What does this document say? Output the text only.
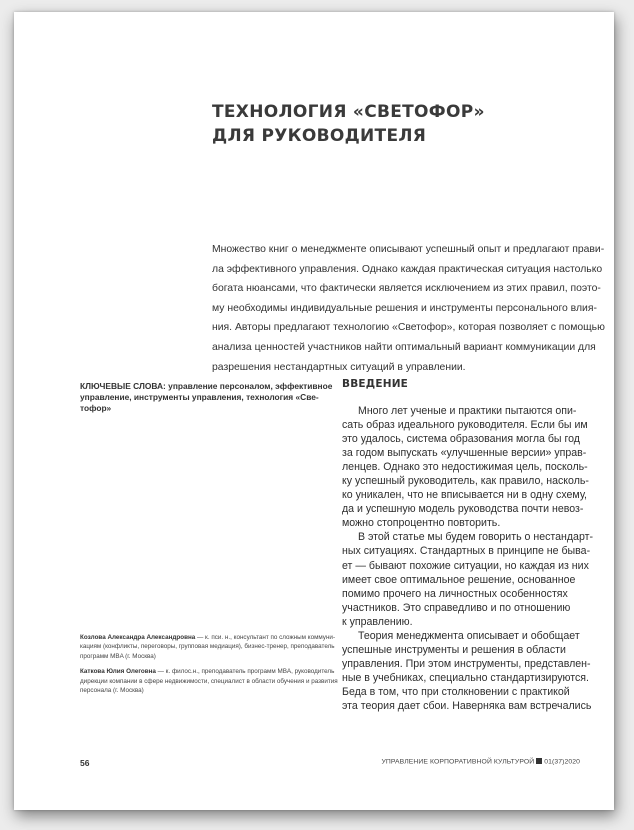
ТЕХНОЛОГИЯ «СВЕТОФОР»
ДЛЯ РУКОВОДИТЕЛЯ
Множество книг о менеджменте описывают успешный опыт и предлагают прави-
ла эффективного управления. Однако каждая практическая ситуация настолько
богата нюансами, что фактически является исключением из этих правил, поэто-
му необходимы индивидуальные решения и инструменты персонального влия-
ния. Авторы предлагают технологию «Светофор», которая позволяет с помощью
анализа ценностей участников найти оптимальный вариант коммуникации для
разрешения нестандартных ситуаций в управлении.
КЛЮЧЕВЫЕ СЛОВА: управление персоналом, эффективное
управление, инструменты управления, технология «Све-
тофор»
ВВЕДЕНИЕ
Много лет ученые и практики пытаются опи-
сать образ идеального руководителя. Если бы им
это удалось, система образования могла бы год
за годом выпускать «улучшенные версии» управ-
ленцев. Однако это недостижимая цель, посколь-
ку успешный руководитель, как правило, насколь-
ко уникален, что не вписывается ни в одну схему,
да и успешную модель руководства почти невоз-
можно стопроцентно повторить.
В этой статье мы будем говорить о нестандарт-
ных ситуациях. Стандартных в принципе не быва-
ет — бывают похожие ситуации, но каждая из них
имеет свое оптимальное решение, основанное
помимо прочего на личностных особенностях
участников. Это справедливо и по отношению
к управлению.
Теория менеджмента описывает и обобщает
успешные инструменты и решения в области
управления. При этом инструменты, представлен-
ные в учебниках, специально стандартизируются.
Беда в том, что при столкновении с практикой
эта теория дает сбои. Наверняка вам встречались
Козлова Александра Александровна — к. пси. н., консультант по сложным коммуни-
кациям (конфликты, переговоры, групповая медиация), бизнес-тренер, преподаватель
программ MBA (г. Москва)
Каткова Юлия Олеговна — к. филос.н., преподаватель программ MBA, руководитель
дирекции компании в сфере недвижимости, специалист в области обучения и развития
персонала (г. Москва)
56	УПРАВЛЕНИЕ КОРПОРАТИВНОЙ КУЛЬТУРОЙ 01(37)2020
